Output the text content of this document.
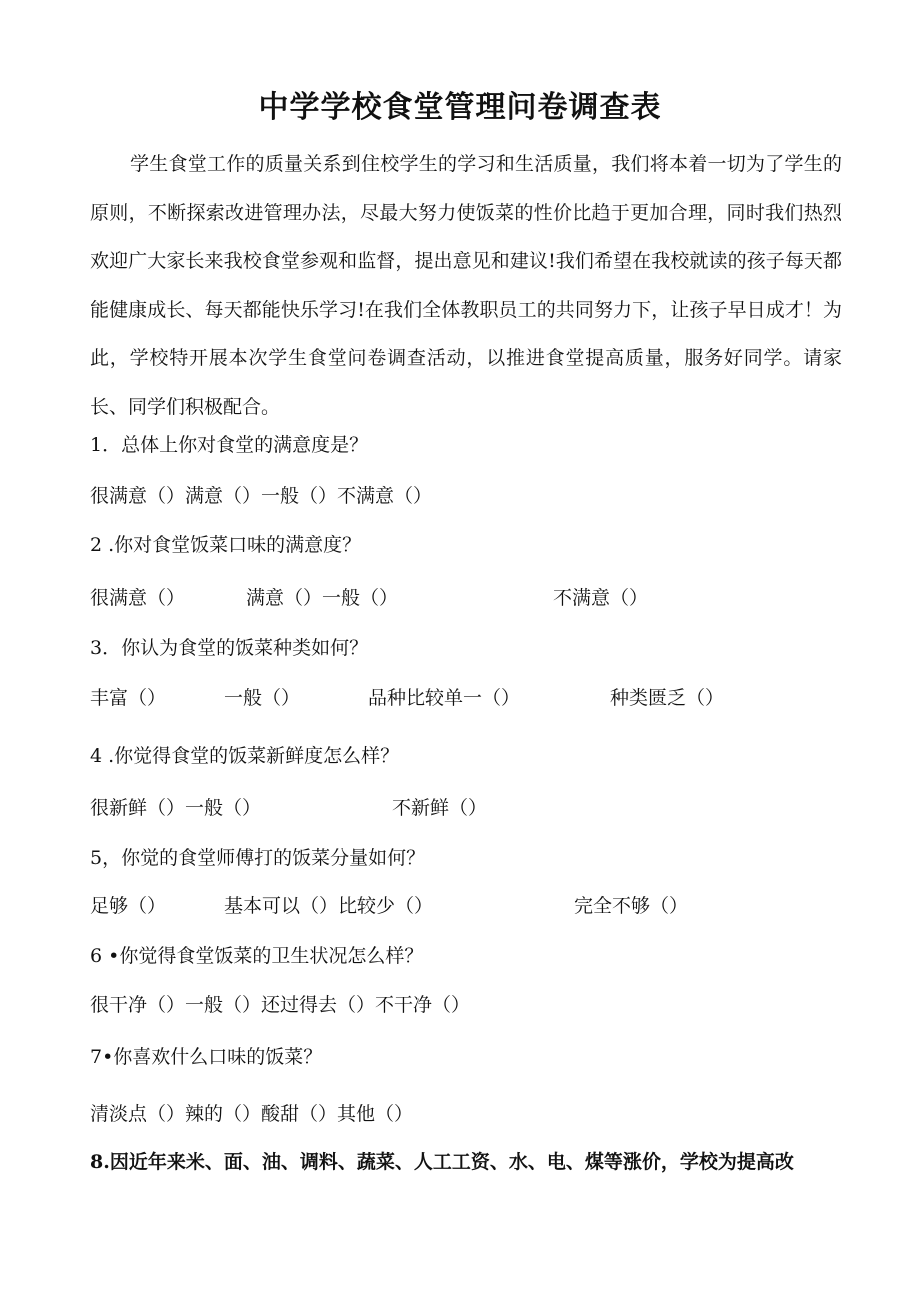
中学学校食堂管理问卷调查表

学生食堂工作的质量关系到住校学生的学习和生活质量，我们将本着一切为了学生的原则，不断探索改进管理办法，尽最大努力使饭菜的性价比趋于更加合理，同时我们热烈欢迎广大家长来我校食堂参观和监督，提出意见和建议!我们希望在我校就读的孩子每天都能健康成长、每天都能快乐学习!在我们全体教职员工的共同努力下，让孩子早日成才！为此，学校特开展本次学生食堂问卷调查活动，以推进食堂提高质量，服务好同学。请家长、同学们积极配合。

1．总体上你对食堂的满意度是？
很满意（）满意（）一般（）不满意（）
2 .你对食堂饭菜口味的满意度？
很满意（）	满意（）一般（）	不满意（）
3．你认为食堂的饭菜种类如何？
丰富（）	一般（）	品种比较单一（）	种类匮乏（）
4 .你觉得食堂的饭菜新鲜度怎么样？
很新鲜（）一般（）	不新鲜（）
5，你觉的食堂师傅打的饭菜分量如何？
足够（）	基本可以（）比较少（）	完全不够（）
6 •你觉得食堂饭菜的卫生状况怎么样？
很干净（）一般（）还过得去（）不干净（）
7•你喜欢什么口味的饭菜？
清淡点（）辣的（）酸甜（）其他（）
8.因近年来米、面、油、调料、蔬菜、人工工资、水、电、煤等涨价，学校为提高改
